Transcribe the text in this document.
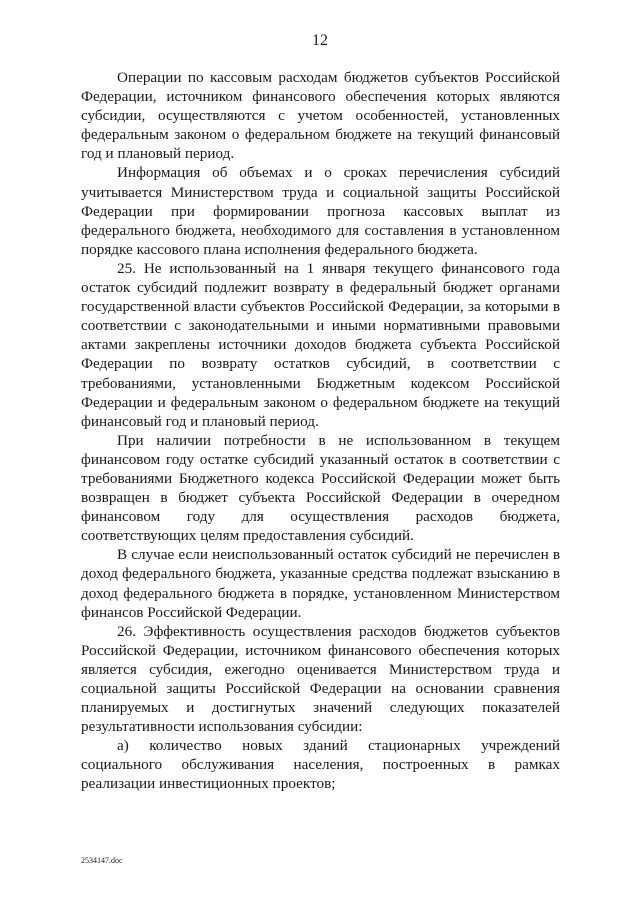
12

Операции по кассовым расходам бюджетов субъектов Российской Федерации, источником финансового обеспечения которых являются субсидии, осуществляются с учетом особенностей, установленных федеральным законом о федеральном бюджете на текущий финансовый год и плановый период.

Информация об объемах и о сроках перечисления субсидий учитывается Министерством труда и социальной защиты Российской Федерации при формировании прогноза кассовых выплат из федерального бюджета, необходимого для составления в установленном порядке кассового плана исполнения федерального бюджета.

25. Не использованный на 1 января текущего финансового года остаток субсидий подлежит возврату в федеральный бюджет органами государственной власти субъектов Российской Федерации, за которыми в соответствии с законодательными и иными нормативными правовыми актами закреплены источники доходов бюджета субъекта Российской Федерации по возврату остатков субсидий, в соответствии с требованиями, установленными Бюджетным кодексом Российской Федерации и федеральным законом о федеральном бюджете на текущий финансовый год и плановый период.

При наличии потребности в не использованном в текущем финансовом году остатке субсидий указанный остаток в соответствии с требованиями Бюджетного кодекса Российской Федерации может быть возвращен в бюджет субъекта Российской Федерации в очередном финансовом году для осуществления расходов бюджета, соответствующих целям предоставления субсидий.

В случае если неиспользованный остаток субсидий не перечислен в доход федерального бюджета, указанные средства подлежат взысканию в доход федерального бюджета в порядке, установленном Министерством финансов Российской Федерации.

26. Эффективность осуществления расходов бюджетов субъектов Российской Федерации, источником финансового обеспечения которых является субсидия, ежегодно оценивается Министерством труда и социальной защиты Российской Федерации на основании сравнения планируемых и достигнутых значений следующих показателей результативности использования субсидии:

а) количество новых зданий стационарных учреждений социального обслуживания населения, построенных в рамках реализации инвестиционных проектов;

2534147.doc
